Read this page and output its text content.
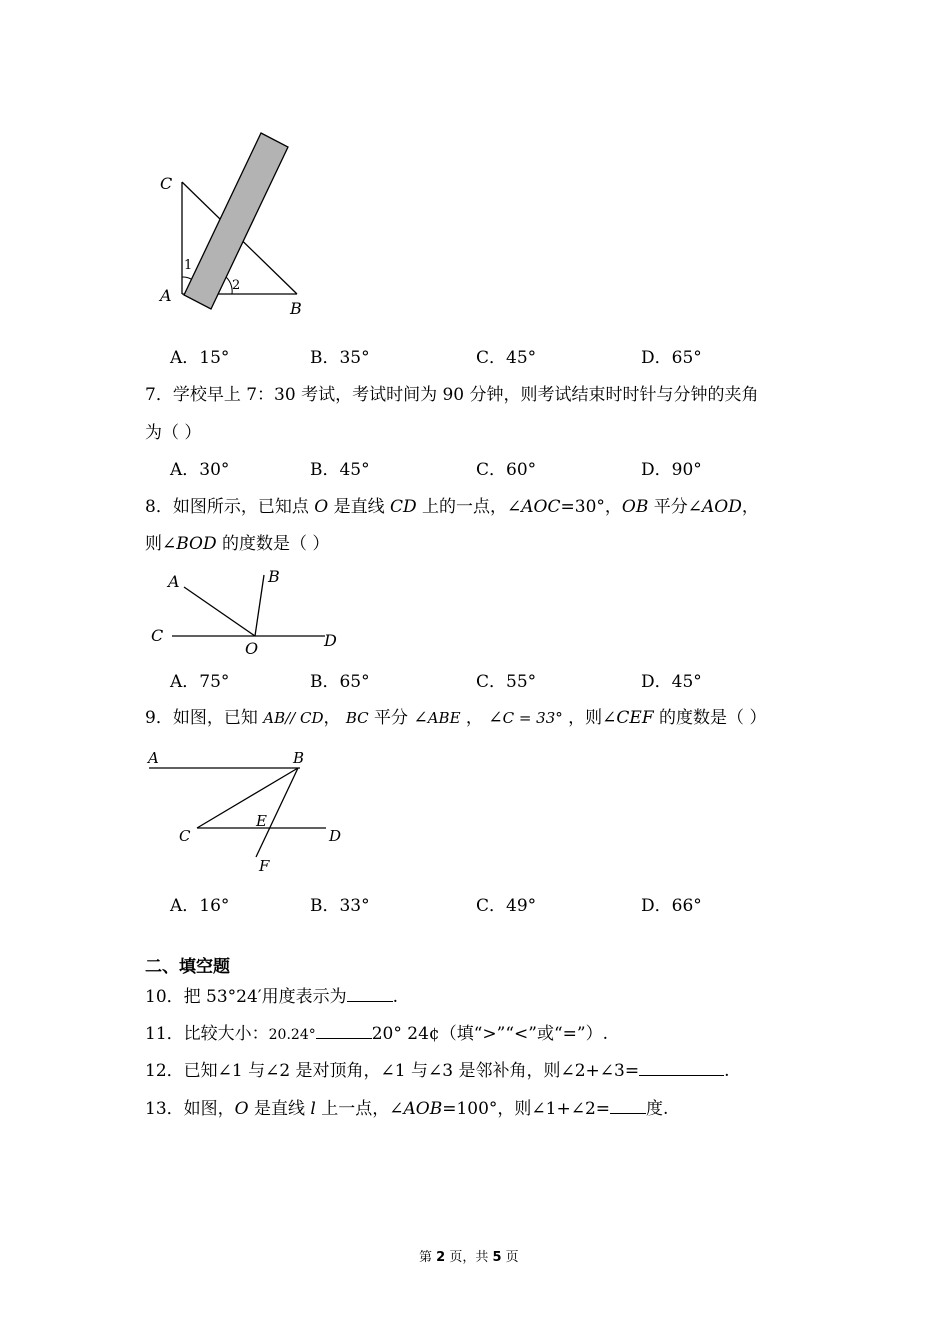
C
A
B
1
2
A．15°	B．35°	C．45°	D．65°
7．学校早上 7：30 考试，考试时间为 90 分钟，则考试结束时时针与分钟的夹角
为（ ）
A．30°	B．45°	C．60°	D．90°
8．如图所示，已知点 O 是直线 CD 上的一点，∠AOC=30°，OB 平分∠AOD，
则∠BOD 的度数是（ ）
A	B
C
O	D
A．75°	B．65°	C．55°	D．45°
9．如图，已知 AB// CD， BC 平分 ∠ABE ， ∠C = 33° ，则∠CEF 的度数是（ ）
A	B
C
E
D
F
A．16°	B．33°	C．49°	D．66°
二、填空题
10．把 53°24′用度表示为	.
11．比较大小：20.24°	20° 24¢（填“>”“<”或“=”）.
12．已知∠1 与∠2 是对顶角，∠1 与∠3 是邻补角，则∠2+∠3=	.
13．如图，O 是直线 l 上一点，∠AOB=100°，则∠1+∠2= 度.
第 2 页，共 5 页
